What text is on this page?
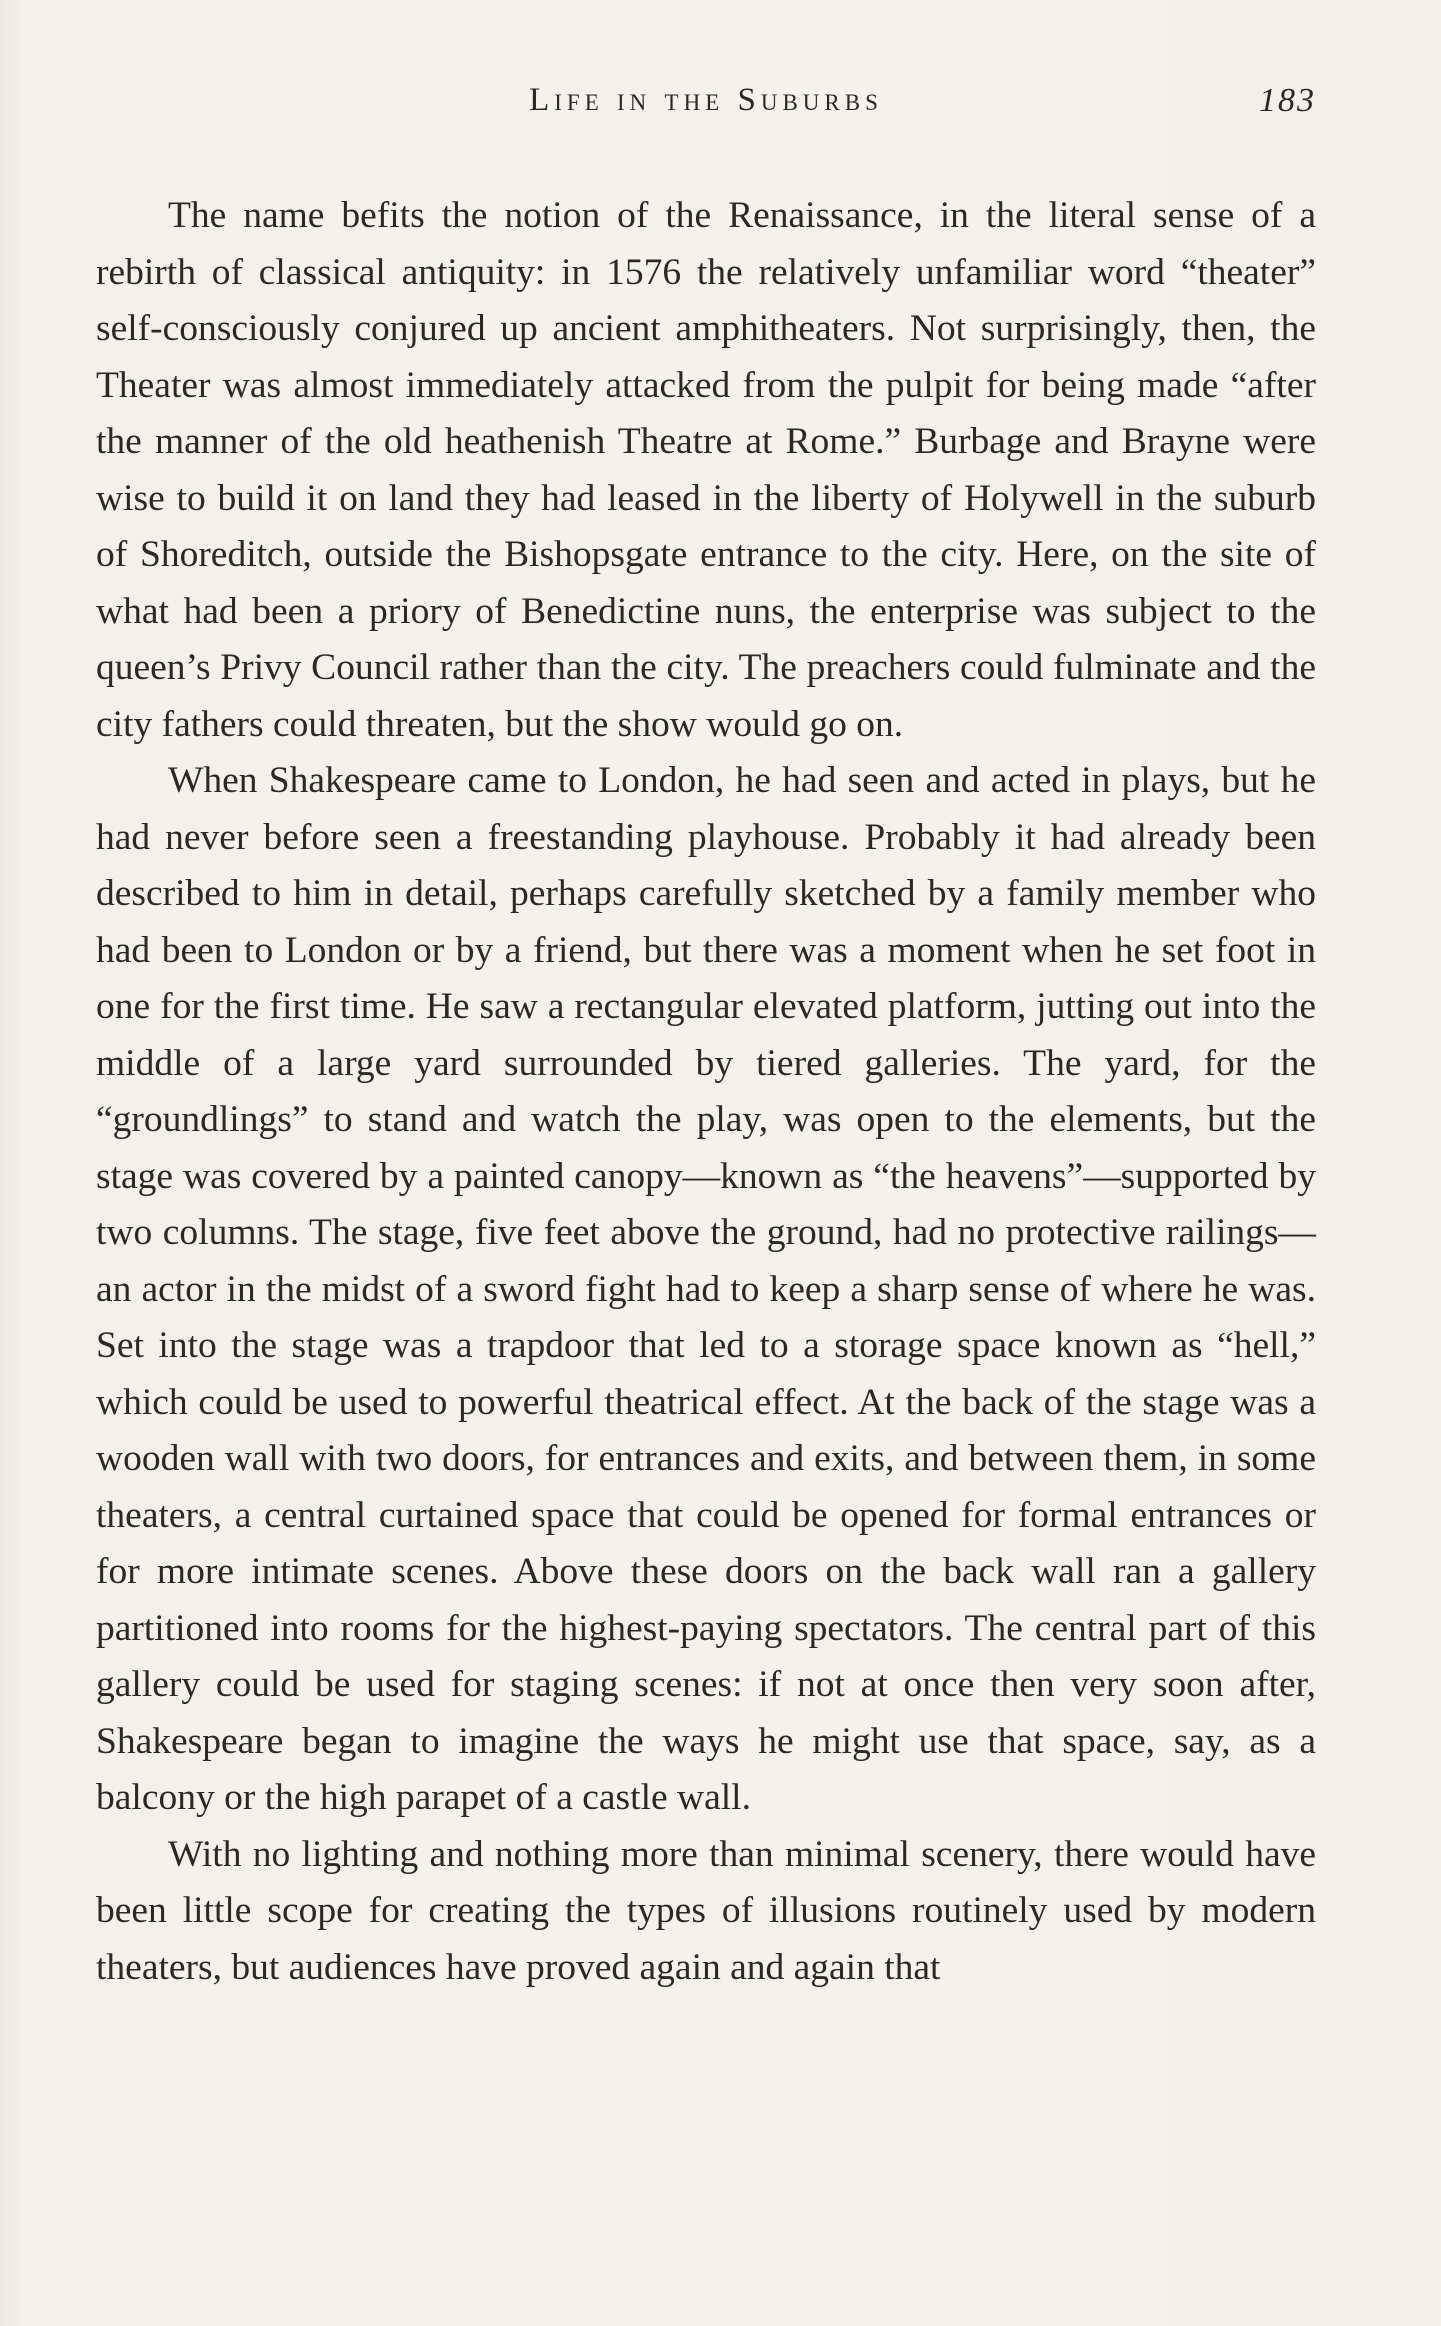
Life in the Suburbs	183

The name befits the notion of the Renaissance, in the literal sense of a rebirth of classical antiquity: in 1576 the relatively unfamiliar word “theater” self-consciously conjured up ancient amphitheaters. Not surprisingly, then, the Theater was almost immediately attacked from the pulpit for being made “after the manner of the old heathenish Theatre at Rome.” Burbage and Brayne were wise to build it on land they had leased in the liberty of Holywell in the suburb of Shoreditch, outside the Bishopsgate entrance to the city. Here, on the site of what had been a priory of Benedictine nuns, the enterprise was subject to the queen’s Privy Council rather than the city. The preachers could fulminate and the city fathers could threaten, but the show would go on.

When Shakespeare came to London, he had seen and acted in plays, but he had never before seen a freestanding playhouse. Probably it had already been described to him in detail, perhaps carefully sketched by a family member who had been to London or by a friend, but there was a moment when he set foot in one for the first time. He saw a rectangular elevated platform, jutting out into the middle of a large yard surrounded by tiered galleries. The yard, for the “groundlings” to stand and watch the play, was open to the elements, but the stage was covered by a painted canopy—known as “the heavens”—supported by two columns. The stage, five feet above the ground, had no protective railings—an actor in the midst of a sword fight had to keep a sharp sense of where he was. Set into the stage was a trapdoor that led to a storage space known as “hell,” which could be used to powerful theatrical effect. At the back of the stage was a wooden wall with two doors, for entrances and exits, and between them, in some theaters, a central curtained space that could be opened for formal entrances or for more intimate scenes. Above these doors on the back wall ran a gallery partitioned into rooms for the highest-paying spectators. The central part of this gallery could be used for staging scenes: if not at once then very soon after, Shakespeare began to imagine the ways he might use that space, say, as a balcony or the high parapet of a castle wall.

With no lighting and nothing more than minimal scenery, there would have been little scope for creating the types of illusions routinely used by modern theaters, but audiences have proved again and again that
